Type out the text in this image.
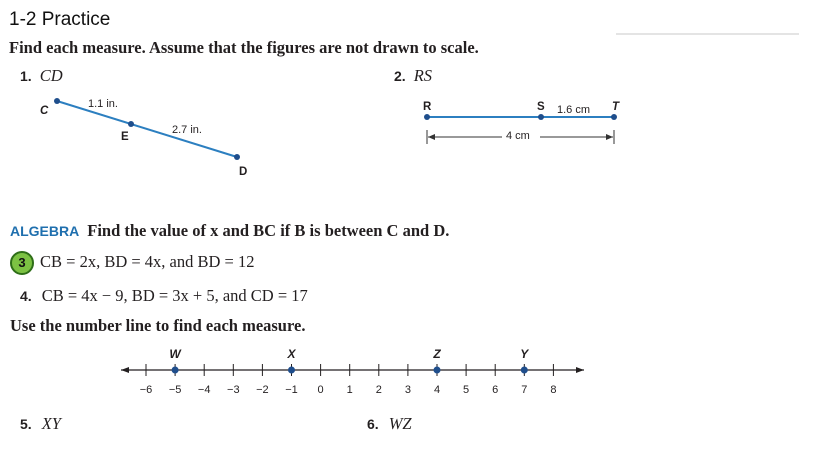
1-2 Practice
Find each measure. Assume that the figures are not drawn to scale.
1. CD
C
E
D
1.1 in.
2.7 in.
2. RS
R	S	T
1.6 cm
4 cm
ALGEBRA Find the value of x and BC if B is between C and D.
3 CB = 2x, BD = 4x, and BD = 12
4. CB = 4x − 9, BD = 3x + 5, and CD = 17
Use the number line to find each measure.
−6 −5 −4 −3 −2 −1 0 1 2 3 4 5 6 7 8
W	X	Z	Y
5. XY	6. WZ
